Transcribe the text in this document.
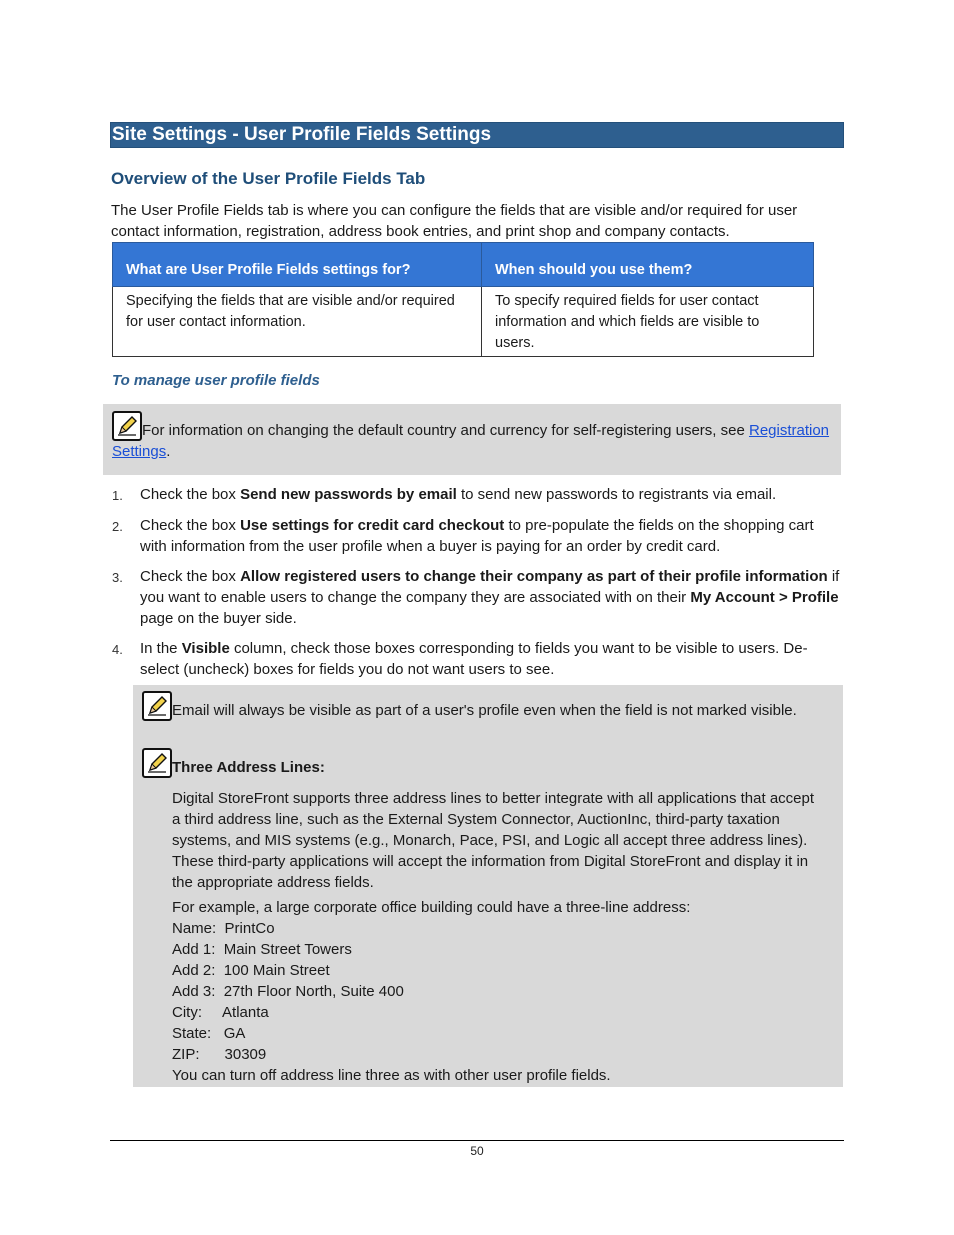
Site Settings - User Profile Fields Settings
Overview of the User Profile Fields Tab
The User Profile Fields tab is where you can configure the fields that are visible and/or required for user contact information, registration, address book entries, and print shop and company contacts.
What are User Profile Fields settings for?	When should you use them?
Specifying the fields that are visible and/or required for user contact information.	To specify required fields for user contact information and which fields are visible to users.
To manage user profile fields
For information on changing the default country and currency for self-registering users, see Registration Settings.
1.	Check the box Send new passwords by email to send new passwords to registrants via email.
2.	Check the box Use settings for credit card checkout to pre-populate the fields on the shopping cart with information from the user profile when a buyer is paying for an order by credit card.
3.	Check the box Allow registered users to change their company as part of their profile information if you want to enable users to change the company they are associated with on their My Account > Profile page on the buyer side.
4.	In the Visible column, check those boxes corresponding to fields you want to be visible to users. De-select (uncheck) boxes for fields you do not want users to see.
Email will always be visible as part of a user's profile even when the field is not marked visible.
Three Address Lines:
Digital StoreFront supports three address lines to better integrate with all applications that accept a third address line, such as the External System Connector, AuctionInc, third-party taxation systems, and MIS systems (e.g., Monarch, Pace, PSI, and Logic all accept three address lines). These third-party applications will accept the information from Digital StoreFront and display it in the appropriate address fields.
For example, a large corporate office building could have a three-line address:
Name: PrintCo
Add 1: Main Street Towers
Add 2: 100 Main Street
Add 3: 27th Floor North, Suite 400
City: Atlanta
State: GA
ZIP: 30309
You can turn off address line three as with other user profile fields.
50
